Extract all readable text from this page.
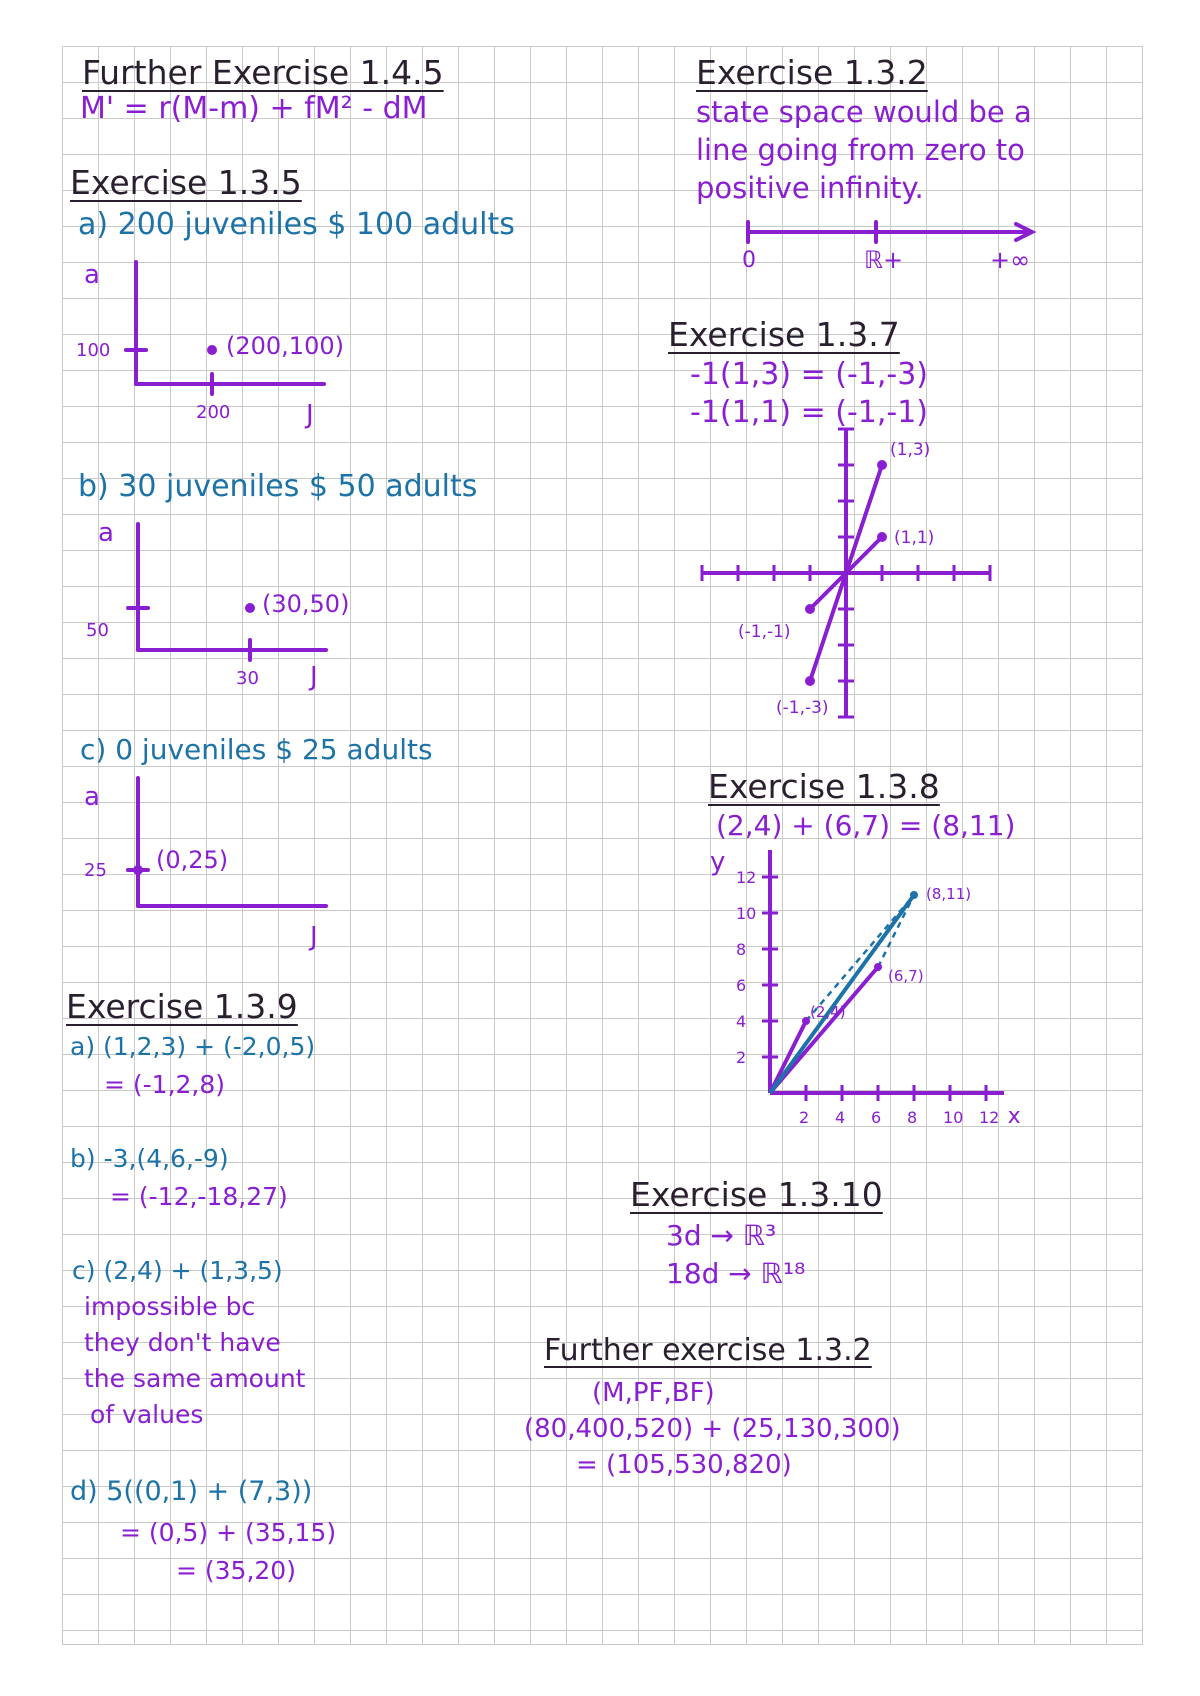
Further Exercise 1.4.5

M' = r(M-m) + fM² - dM

Exercise 1.3.5

a) 200 juveniles $ 100 adults

a

100

200	J

(200,100)

b) 30 juveniles $ 50 adults

a

50

30 J

(30,50)

c) 0 juveniles $ 25 adults

a

25

J

(0,25)

Exercise 1.3.9

a) (1,2,3) + (-2,0,5)

= (-1,2,8)

b) -3,(4,6,-9)

= (-12,-18,27)

c) (2,4) + (1,3,5)

impossible bc

they don't have

the same amount

of values

d) 5((0,1) + (7,3))

= (0,5) + (35,15)

= (35,20)

Exercise 1.3.2

state space would be a

line going from zero to

positive infinity.

0	ℝ+	+∞

Exercise 1.3.7

-1(1,3) = (-1,-3)

-1(1,1) = (-1,-1)

(1,3)
(1,1)
(-1,-1)
(-1,-3)

Exercise 1.3.8

(2,4) + (6,7) = (8,11)

2
4
6
8
10
12
2 4 6 8 10 12
y
x
(2,4)
(6,7)
(8,11)

Exercise 1.3.10

3d → ℝ³

18d → ℝ¹⁸

Further exercise 1.3.2

(M,PF,BF)

(80,400,520) + (25,130,300)

= (105,530,820)
